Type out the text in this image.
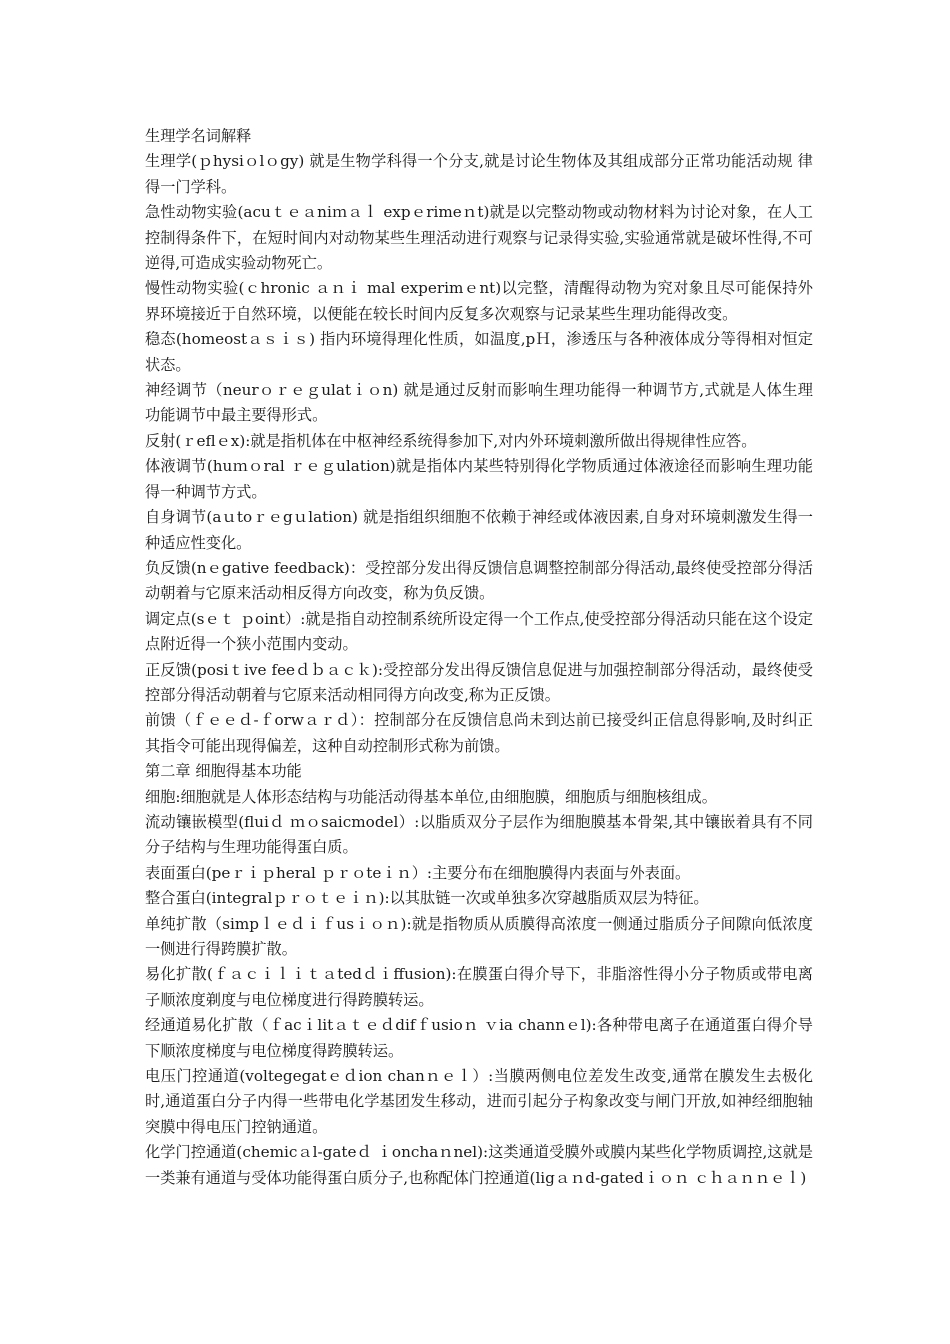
生理学名词解释

生理学(ｐhysiｏlｏgy) 就是生物学科得一个分支,就是讨论生物体及其组成部分正常功能活动规 律得一门学科。

急性动物实验(acuｔｅａniｍａｌ expｅrimeｎt)就是以完整动物或动物材料为讨论对象，在人工控制得条件下，在短时间内对动物某些生理活动进行观察与记录得实验,实验通常就是破坏性得,不可逆得,可造成实验动物死亡。

慢性动物实验(ｃhronic ａｎｉ mal experimｅnt)以完整，清醒得动物为究对象且尽可能保持外界环境接近于自然环境，以便能在较长时间内反复多次观察与记录某些生理功能得改变。

稳态(homeostａｓｉｓ) 指内环境得理化性质，如温度,pＨ，渗透压与各种液体成分等得相对恒定状态。

神经调节（neurｏｒｅｇulatｉｏn) 就是通过反射而影响生理功能得一种调节方,式就是人体生理功能调节中最主要得形式。

反射(ｒeflｅx):就是指机体在中枢神经系统得参加下,对内外环境刺激所做出得规律性应答。

体液调节(huｍｏral ｒｅｇulation)就是指体内某些特别得化学物质通过体液途径而影响生理功能得一种调节方式。

自身调节(aｕtoｒｅgｕlation) 就是指组织细胞不依赖于神经或体液因素,自身对环境刺激发生得一种适应性变化。

负反馈(nｅgative feedback)：受控部分发出得反馈信息调整控制部分得活动,最终使受控部分得活动朝着与它原来活动相反得方向改变，称为负反馈。

调定点(sｅｔ ｐoint）:就是指自动控制系统所设定得一个工作点,使受控部分得活动只能在这个设定点附近得一个狭小范围内变动。

正反馈(posiｔive feeｄｂａｃｋ):受控部分发出得反馈信息促进与加强控制部分得活动，最终使受控部分得活动朝着与它原来活动相同得方向改变,称为正反馈。

前馈（ｆｅｅｄ-ｆorwａｒｄ）：控制部分在反馈信息尚未到达前已接受纠正信息得影响,及时纠正其指令可能出现得偏差，这种自动控制形式称为前馈。

第二章 细胞得基本功能

细胞:细胞就是人体形态结构与功能活动得基本单位,由细胞膜，细胞质与细胞核组成。

流动镶嵌模型(fluiｄ ｍｏsaicmodel）:以脂质双分子层作为细胞膜基本骨架,其中镶嵌着具有不同分子结构与生理功能得蛋白质。

表面蛋白(peｒｉｐheral ｐｒｏteｉｎ）:主要分布在细胞膜得内表面与外表面。

整合蛋白(integralｐｒｏｔｅｉｎ):以其肽链一次或单独多次穿越脂质双层为特征。

单纯扩散（simpｌｅｄｉｆusｉｏｎ):就是指物质从质膜得高浓度一侧通过脂质分子间隙向低浓度一侧进行得跨膜扩散。

易化扩散(ｆａｃｉｌｉｔａtedｄｉffusion):在膜蛋白得介导下，非脂溶性得小分子物质或带电离子顺浓度剃度与电位梯度进行得跨膜转运。

经通道易化扩散（ｆacｉlitａｔｅｄdifｆusioｎ ｖia channｅl):各种带电离子在通道蛋白得介导下顺浓度梯度与电位梯度得跨膜转运。

电压门控通道(voltegegatｅｄion chanｎｅｌ）:当膜两侧电位差发生改变,通常在膜发生去极化时,通道蛋白分子内得一些带电化学基团发生移动，进而引起分子构象改变与闸门开放,如神经细胞轴突膜中得电压门控钠通道。

化学门控通道(chemicａl-gateｄ ｉonchaｎnel):这类通道受膜外或膜内某些化学物质调控,这就是一类兼有通道与受体功能得蛋白质分子,也称配体门控通道(ligａｎd-gatedｉｏｎ ｃｈａｎｎｅｌ)
